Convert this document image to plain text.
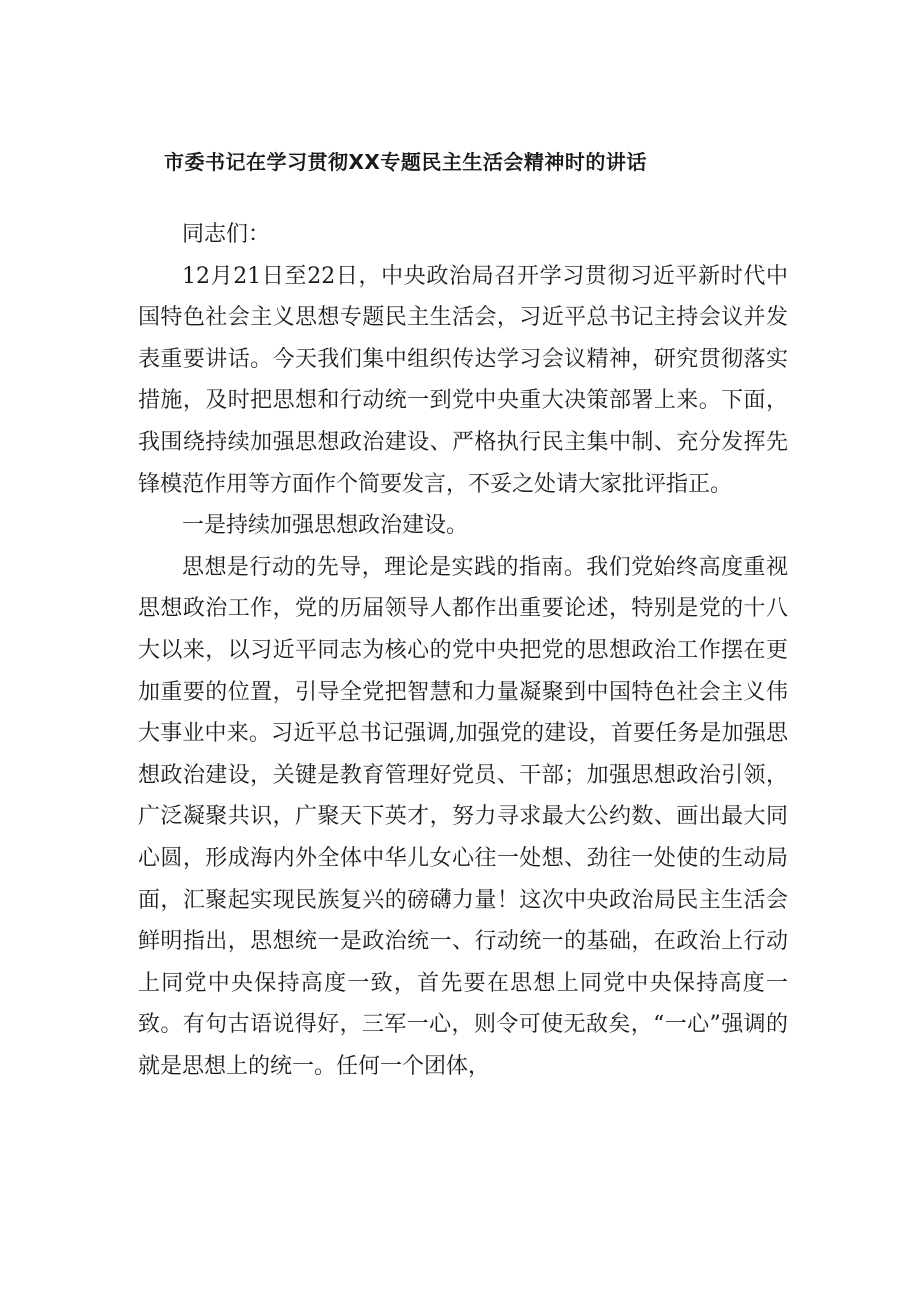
市委书记在学习贯彻XX专题民主生活会精神时的讲话

同志们：

12月21日至22日，中央政治局召开学习贯彻习近平新时代中国特色社会主义思想专题民主生活会，习近平总书记主持会议并发表重要讲话。今天我们集中组织传达学习会议精神，研究贯彻落实措施，及时把思想和行动统一到党中央重大决策部署上来。下面，我围绕持续加强思想政治建设、严格执行民主集中制、充分发挥先锋模范作用等方面作个简要发言，不妥之处请大家批评指正。

一是持续加强思想政治建设。

思想是行动的先导，理论是实践的指南。我们党始终高度重视思想政治工作，党的历届领导人都作出重要论述，特别是党的十八大以来，以习近平同志为核心的党中央把党的思想政治工作摆在更加重要的位置，引导全党把智慧和力量凝聚到中国特色社会主义伟大事业中来。习近平总书记强调,加强党的建设，首要任务是加强思想政治建设，关键是教育管理好党员、干部；加强思想政治引领，广泛凝聚共识，广聚天下英才，努力寻求最大公约数、画出最大同心圆，形成海内外全体中华儿女心往一处想、劲往一处使的生动局面，汇聚起实现民族复兴的磅礴力量！这次中央政治局民主生活会鲜明指出，思想统一是政治统一、行动统一的基础，在政治上行动上同党中央保持高度一致，首先要在思想上同党中央保持高度一致。有句古语说得好，三军一心，则令可使无敌矣，“一心”强调的就是思想上的统一。任何一个团体，
